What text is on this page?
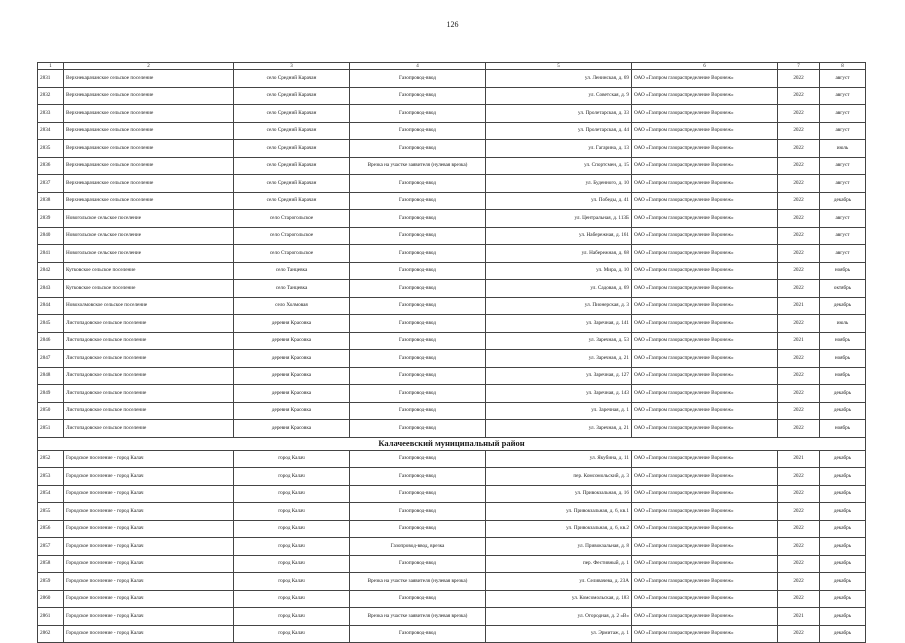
126
1	2	3	4	5	6	7	8
2831	Верхнекарачанское сельское поселение	село Средний Карачан	Газопровод-ввод	ул. Ленинская, д. 69	ОАО «Газпром газораспределение Воронеж»	2022	август
2832	Верхнекарачанское сельское поселение	село Средний Карачан	Газопровод-ввод	ул. Советская, д. 9	ОАО «Газпром газораспределение Воронеж»	2022	август
2833	Верхнекарачанское сельское поселение	село Средний Карачан	Газопровод-ввод	ул. Пролетарская, д. 33	ОАО «Газпром газораспределение Воронеж»	2022	август
2834	Верхнекарачанское сельское поселение	село Средний Карачан	Газопровод-ввод	ул. Пролетарская, д. 44	ОАО «Газпром газораспределение Воронеж»	2022	август
2835	Верхнекарачанское сельское поселение	село Средний Карачан	Газопровод-ввод	ул. Гагарина, д. 13	ОАО «Газпром газораспределение Воронеж»	2022	июль
2836	Верхнекарачанское сельское поселение	село Средний Карачан	Врезка на участке заявителя (нулевая врезка)	ул. Спортсмен, д. 15	ОАО «Газпром газораспределение Воронеж»	2022	август
2837	Верхнекарачанское сельское поселение	село Средний Карачан	Газопровод-ввод	ул. Буденного, д. 10	ОАО «Газпром газораспределение Воронеж»	2022	август
2838	Верхнекарачанское сельское поселение	село Средний Карачан	Газопровод-ввод	ул. Победы, д. 41	ОАО «Газпром газораспределение Воронеж»	2022	декабрь
2839	Новогольское сельское поселение	село Старогольское	Газопровод-ввод	ул. Центральная, д. 113Б	ОАО «Газпром газораспределение Воронеж»	2022	август
2840	Новогольское сельское поселение	село Старогольское	Газопровод-ввод	ул. Набережная, д. 161	ОАО «Газпром газораспределение Воронеж»	2022	август
2841	Новогольское сельское поселение	село Старогольское	Газопровод-ввод	ул. Набережная, д. 68	ОАО «Газпром газораспределение Воронеж»	2022	август
2842	Кутковское сельское поселение	село Танцевка	Газопровод-ввод	ул. Мира, д. 10	ОАО «Газпром газораспределение Воронеж»	2022	ноябрь
2843	Кутковское сельское поселение	село Танцевка	Газопровод-ввод	ул. Садовая, д. 69	ОАО «Газпром газораспределение Воронеж»	2022	октябрь
2844	Новохолмовское сельское поселение	село Холмовая	Газопровод-ввод	ул. Пионерская, д. 3	ОАО «Газпром газораспределение Воронеж»	2021	декабрь
2845	Листопадовское сельское поселение	деревня Красовка	Газопровод-ввод	ул. Заречная, д. 141	ОАО «Газпром газораспределение Воронеж»	2022	июль
2846	Листопадовское сельское поселение	деревня Красовка	Газопровод-ввод	ул. Заречная, д. 53	ОАО «Газпром газораспределение Воронеж»	2021	ноябрь
2847	Листопадовское сельское поселение	деревня Красовка	Газопровод-ввод	ул. Заречная, д. 21	ОАО «Газпром газораспределение Воронеж»	2022	ноябрь
2848	Листопадовское сельское поселение	деревня Красовка	Газопровод-ввод	ул. Заречная, д. 127	ОАО «Газпром газораспределение Воронеж»	2022	ноябрь
2849	Листопадовское сельское поселение	деревня Красовка	Газопровод-ввод	ул. Заречная, д. 143	ОАО «Газпром газораспределение Воронеж»	2022	декабрь
2850	Листопадовское сельское поселение	деревня Красовка	Газопровод-ввод	ул. Заречная, д. 1	ОАО «Газпром газораспределение Воронеж»	2022	декабрь
2851	Листопадовское сельское поселение	деревня Красовка	Газопровод-ввод	ул. Заречная, д. 21	ОАО «Газпром газораспределение Воронеж»	2022	ноябрь
Калачеевский муниципальный район							
2852	Городское поселение - город Калач	город Калач	Газопровод-ввод	ул. Якубина, д. 11	ОАО «Газпром газораспределение Воронеж»	2021	декабрь
2853	Городское поселение - город Калач	город Калач	Газопровод-ввод	пер. Комсомольский, д. 3	ОАО «Газпром газораспределение Воронеж»	2022	декабрь
2854	Городское поселение - город Калач	город Калач	Газопровод-ввод	ул. Привокзальная, д. 16	ОАО «Газпром газораспределение Воронеж»	2022	декабрь
2855	Городское поселение - город Калач	город Калач	Газопровод-ввод	ул. Привокзальная, д. 6, кв.1	ОАО «Газпром газораспределение Воронеж»	2022	декабрь
2856	Городское поселение - город Калач	город Калач	Газопровод-ввод	ул. Привокзальная, д. 6, кв.2	ОАО «Газпром газораспределение Воронеж»	2022	декабрь
2857	Городское поселение - город Калач	город Калач	Газопровод-ввод, врезка	ул. Привокзальная, д. 8	ОАО «Газпром газораспределение Воронеж»	2022	декабрь
2858	Городское поселение - город Калач	город Калач	Газопровод-ввод	пер. Фестивный, д. 1	ОАО «Газпром газораспределение Воронеж»	2022	декабрь
2859	Городское поселение - город Калач	город Калач	Врезка на участке заявителя (нулевая врезка)	ул. Селивачева, д. 23А	ОАО «Газпром газораспределение Воронеж»	2022	декабрь
2860	Городское поселение - город Калач	город Калач	Газопровод-ввод	ул. Комсомольская, д. 183	ОАО «Газпром газораспределение Воронеж»	2022	декабрь
2861	Городское поселение - город Калач	город Калач	Врезка на участке заявителя (нулевая врезка)	ул. Огородная, д. 2 «В»	ОАО «Газпром газораспределение Воронеж»	2021	декабрь
2862	Городское поселение - город Калач	город Калач	Газопровод-ввод	ул. Эрмитаж, д. 1	ОАО «Газпром газораспределение Воронеж»	2022	декабрь
